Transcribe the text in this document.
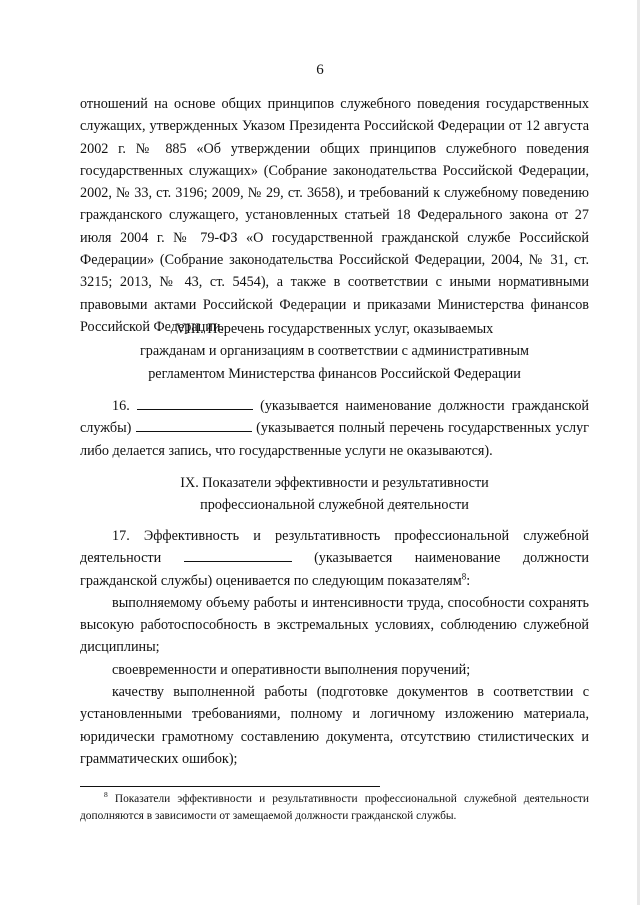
6

отношений на основе общих принципов служебного поведения государственных служащих, утвержденных Указом Президента Российской Федерации от 12 августа 2002 г. № 885 «Об утверждении общих принципов служебного поведения государственных служащих» (Собрание законодательства Российской Федерации, 2002, № 33, ст. 3196; 2009, № 29, ст. 3658), и требований к служебному поведению гражданского служащего, установленных статьей 18 Федерального закона от 27 июля 2004 г. № 79-ФЗ «О государственной гражданской службе Российской Федерации» (Собрание законодательства Российской Федерации, 2004, № 31, ст. 3215; 2013, № 43, ст. 5454), а также в соответствии с иными нормативными правовыми актами Российской Федерации и приказами Министерства финансов Российской Федерации.

VIII. Перечень государственных услуг, оказываемых

гражданам и организациям в соответствии с административным

регламентом Министерства финансов Российской Федерации

16.	(указывается наименование должности гражданской службы)	(указывается полный перечень государственных услуг либо делается запись, что государственные услуги не оказываются).

IX. Показатели эффективности и результативности

профессиональной служебной деятельности

17. Эффективность и результативность профессиональной служебной деятельности	(указывается наименование должности гражданской службы) оценивается по следующим показателям$^8$:

выполняемому объему работы и интенсивности труда, способности сохранять высокую работоспособность в экстремальных условиях, соблюдению служебной дисциплины;

своевременности и оперативности выполнения поручений;

качеству выполненной работы (подготовке документов в соответствии с установленными требованиями, полному и логичному изложению материала, юридически грамотному составлению документа, отсутствию стилистических и грамматических ошибок);

$^8$ Показатели эффективности и результативности профессиональной служебной деятельности дополняются в зависимости от замещаемой должности гражданской службы.
